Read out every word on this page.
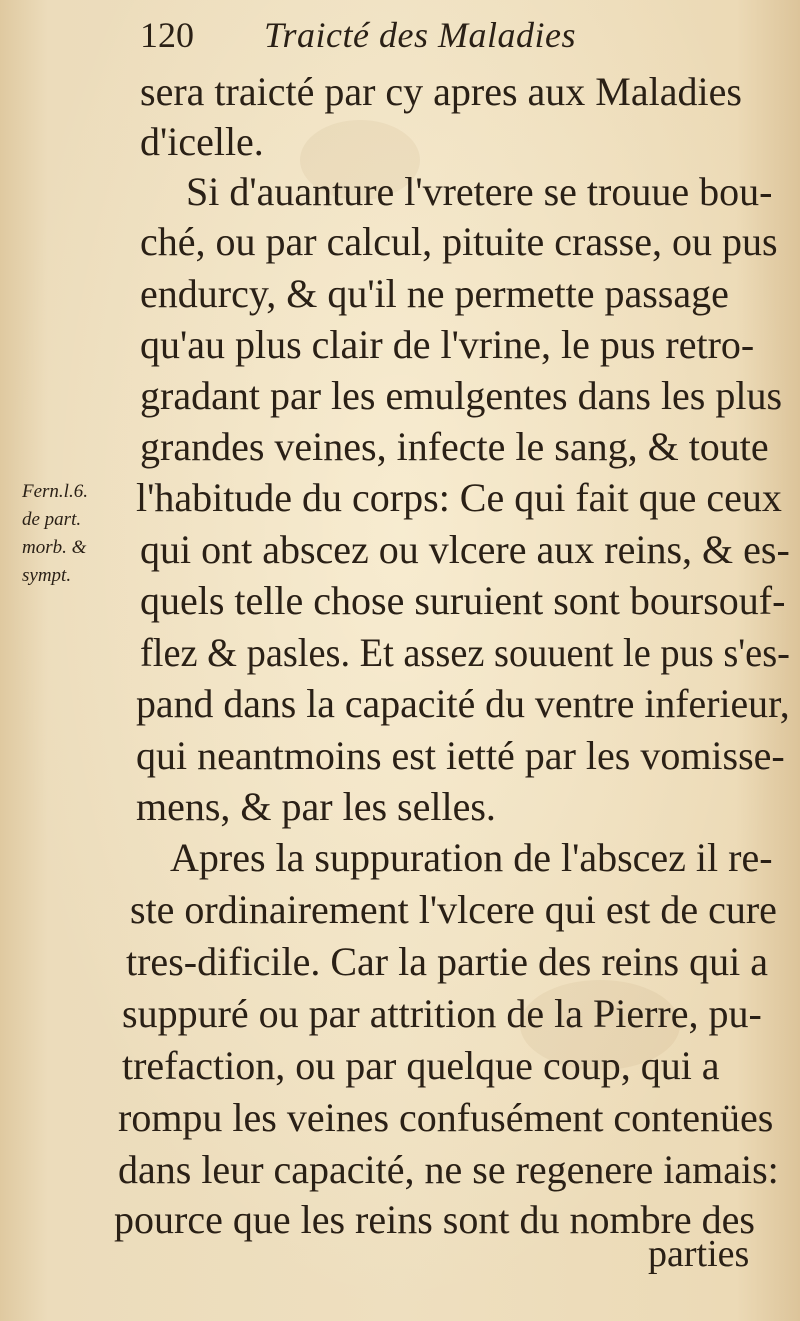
120 Traicté des Maladies
Fern.l.6.
de part.
morb. &
sympt.
sera traicté par cy apres aux Maladies
d'icelle.
Si d'auanture l'vretere se trouue bou-
ché, ou par calcul, pituite crasse, ou pus
endurcy, & qu'il ne permette passage
qu'au plus clair de l'vrine, le pus retro-
gradant par les emulgentes dans les plus
grandes veines, infecte le sang, & toute
l'habitude du corps: Ce qui fait que ceux
qui ont abscez ou vlcere aux reins, & es-
quels telle chose suruient sont boursouf-
flez & pasles. Et assez souuent le pus s'es-
pand dans la capacité du ventre inferieur,
qui neantmoins est ietté par les vomisse-
mens, & par les selles.
Apres la suppuration de l'abscez il re-
ste ordinairement l'vlcere qui est de cure
tres-dificile. Car la partie des reins qui a
suppuré ou par attrition de la Pierre, pu-
trefaction, ou par quelque coup, qui a
rompu les veines confusément contenües
dans leur capacité, ne se regenere iamais:
pource que les reins sont du nombre des
parties
